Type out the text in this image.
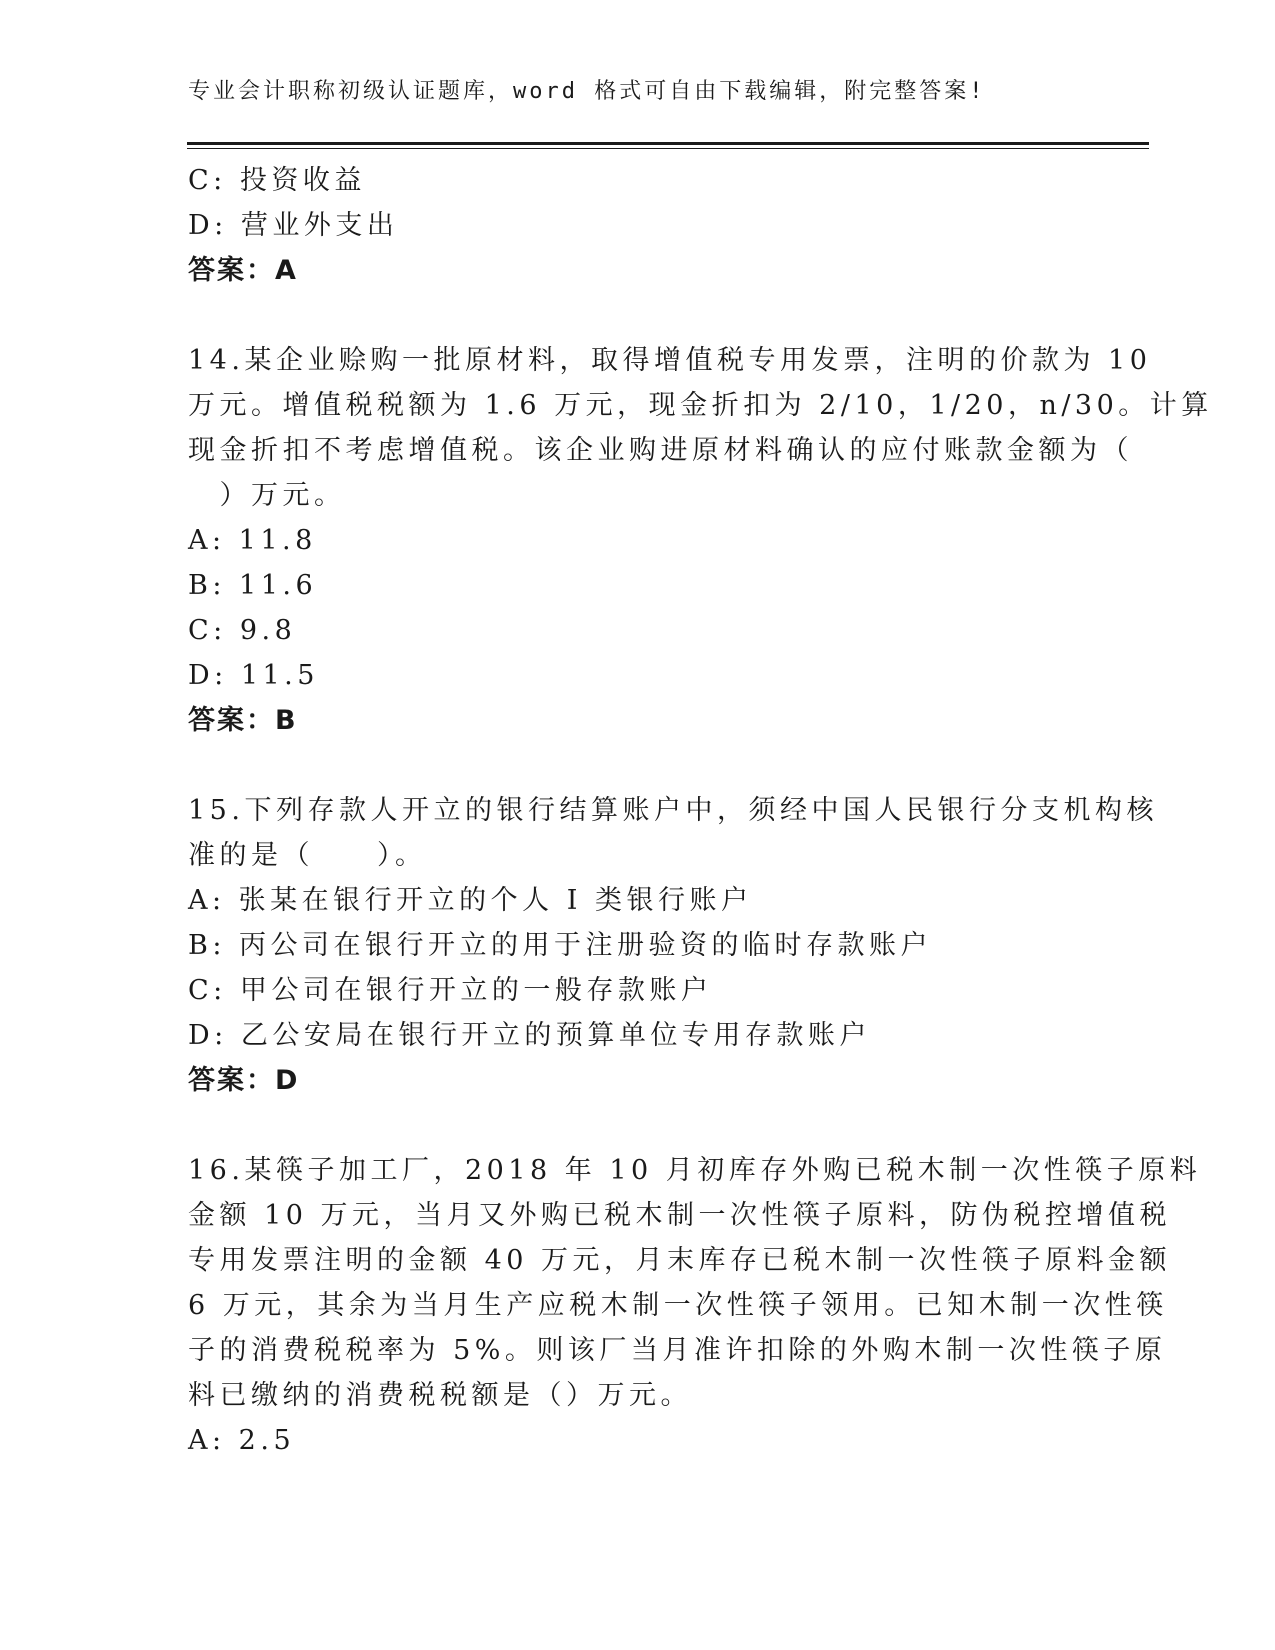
专业会计职称初级认证题库，word 格式可自由下载编辑，附完整答案!
C: 投资收益
D: 营业外支出
答案：A
14.某企业赊购一批原材料，取得增值税专用发票，注明的价款为 10
万元。增值税税额为 1.6 万元，现金折扣为 2/10，1/20，n/30。计算
现金折扣不考虑增值税。该企业购进原材料确认的应付账款金额为（
　）万元。
A: 11.8
B: 11.6
C: 9.8
D: 11.5
答案：B
15.下列存款人开立的银行结算账户中，须经中国人民银行分支机构核
准的是（　　）。
A: 张某在银行开立的个人 I 类银行账户
B: 丙公司在银行开立的用于注册验资的临时存款账户
C: 甲公司在银行开立的一般存款账户
D: 乙公安局在银行开立的预算单位专用存款账户
答案：D
16.某筷子加工厂，2018 年 10 月初库存外购已税木制一次性筷子原料
金额 10 万元，当月又外购已税木制一次性筷子原料，防伪税控增值税
专用发票注明的金额 40 万元，月末库存已税木制一次性筷子原料金额
6 万元，其余为当月生产应税木制一次性筷子领用。已知木制一次性筷
子的消费税税率为 5%。则该厂当月准许扣除的外购木制一次性筷子原
料已缴纳的消费税税额是（）万元。
A: 2.5
